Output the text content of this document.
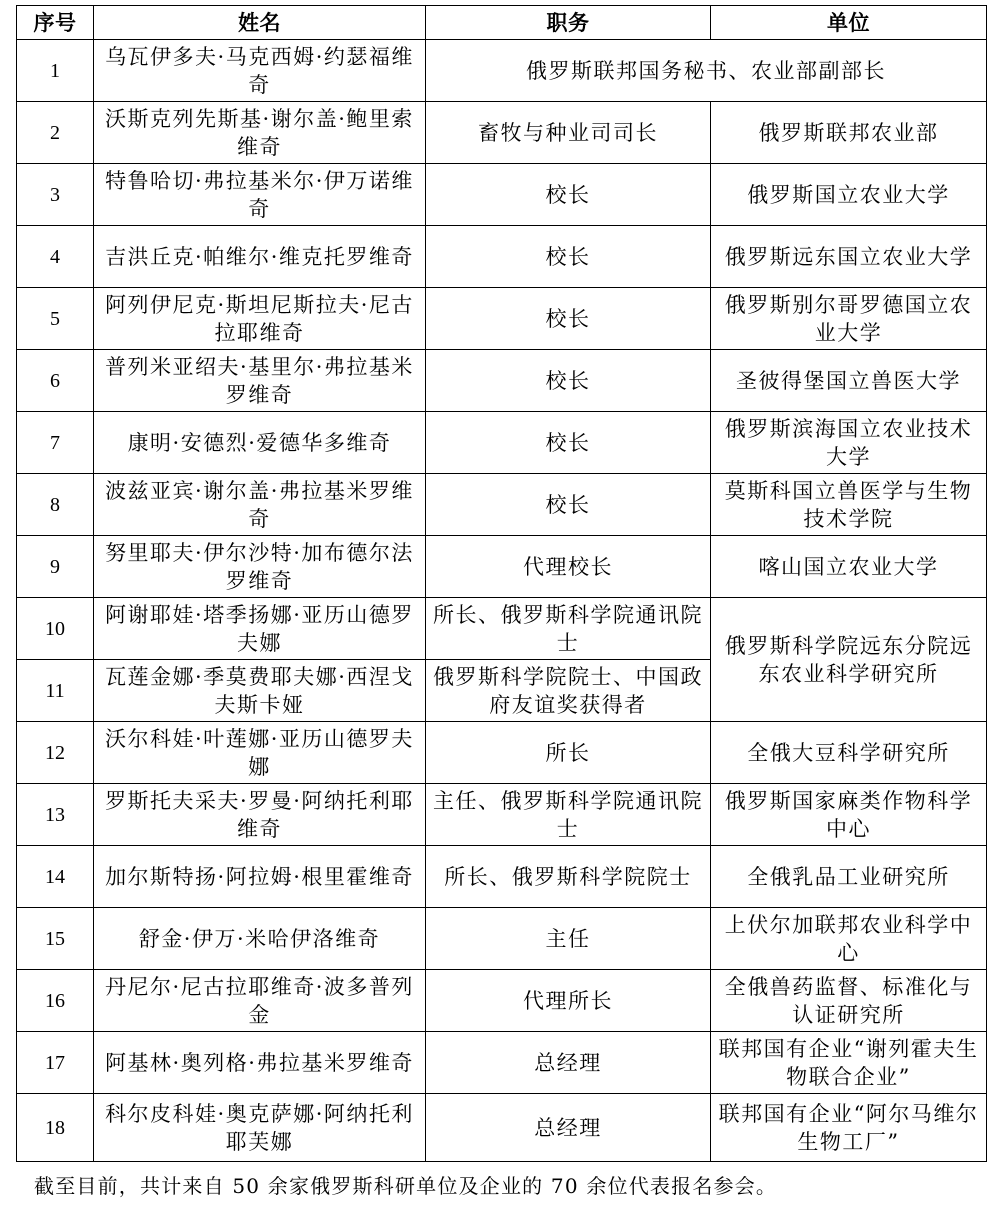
序号	姓名	职务	单位
1	乌瓦伊多夫·马克西姆·约瑟福维奇	俄罗斯联邦国务秘书、农业部副部长	
2	沃斯克列先斯基·谢尔盖·鲍里索维奇	畜牧与种业司司长	俄罗斯联邦农业部
3	特鲁哈切·弗拉基米尔·伊万诺维奇	校长	俄罗斯国立农业大学
4	吉洪丘克·帕维尔·维克托罗维奇	校长	俄罗斯远东国立农业大学
5	阿列伊尼克·斯坦尼斯拉夫·尼古拉耶维奇	校长	俄罗斯别尔哥罗德国立农业大学
6	普列米亚绍夫·基里尔·弗拉基米罗维奇	校长	圣彼得堡国立兽医大学
7	康明·安德烈·爱德华多维奇	校长	俄罗斯滨海国立农业技术大学
8	波兹亚宾·谢尔盖·弗拉基米罗维奇	校长	莫斯科国立兽医学与生物技术学院
9	努里耶夫·伊尔沙特·加布德尔法罗维奇	代理校长	喀山国立农业大学
10	阿谢耶娃·塔季扬娜·亚历山德罗夫娜	所长、俄罗斯科学院通讯院士	俄罗斯科学院远东分院远东农业科学研究所
11	瓦莲金娜·季莫费耶夫娜·西涅戈夫斯卡娅	俄罗斯科学院院士、中国政府友谊奖获得者	
12	沃尔科娃·叶莲娜·亚历山德罗夫娜	所长	全俄大豆科学研究所
13	罗斯托夫采夫·罗曼·阿纳托利耶维奇	主任、俄罗斯科学院通讯院士	俄罗斯国家麻类作物科学中心
14	加尔斯特扬·阿拉姆·根里霍维奇	所长、俄罗斯科学院院士	全俄乳品工业研究所
15	舒金·伊万·米哈伊洛维奇	主任	上伏尔加联邦农业科学中心
16	丹尼尔·尼古拉耶维奇·波多普列金	代理所长	全俄兽药监督、标准化与认证研究所
17	阿基林·奥列格·弗拉基米罗维奇	总经理	联邦国有企业“谢列霍夫生物联合企业”
18	科尔皮科娃·奥克萨娜·阿纳托利耶芙娜	总经理	联邦国有企业“阿尔马维尔生物工厂”
截至目前，共计来自 50 余家俄罗斯科研单位及企业的 70 余位代表报名参会。
